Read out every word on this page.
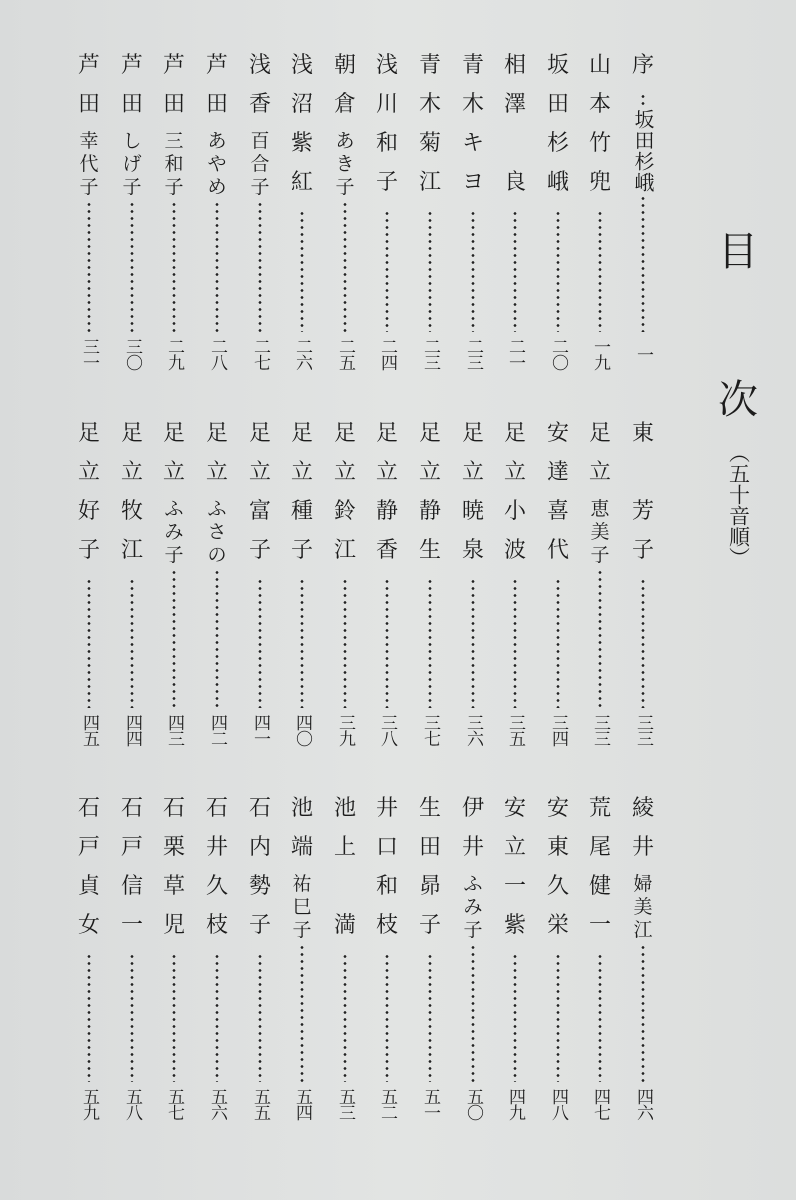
目
次
（五十音順）
序
坂田杉峨
一
山
本
竹
兜
一九
坂
田
杉
峨
二〇
相
澤
良
二一
青
木
キ
ヨ
二三
青
木
菊
江
二三
浅
川
和
子
二四
朝
倉
あ
き
子
二五
浅
沼
紫
紅
二六
浅
香
百
合
子
二七
芦
田
あ
や
め
二八
芦
田
三
和
子
二九
芦
田
し
げ
子
三〇
芦
田
幸
代
子
三一
東
芳
子
三三
足
立
恵
美
子
三三
安
達
喜
代
三四
足
立
小
波
三五
足
立
暁
泉
三六
足
立
静
生
三七
足
立
静
香
三八
足
立
鈴
江
三九
足
立
種
子
四〇
足
立
富
子
四一
足
立
ふ
さ
の
四二
足
立
ふ
み
子
四三
足
立
牧
江
四四
足
立
好
子
四五
綾
井
婦
美
江
四六
荒
尾
健
一
四七
安
東
久
栄
四八
安
立
一
紫
四九
伊
井
ふ
み
子
五〇
生
田
昴
子
五一
井
口
和
枝
五二
池
上
満
五三
池
端
祐
巳
子
五四
石
内
勢
子
五五
石
井
久
枝
五六
石
栗
草
児
五七
石
戸
信
一
五八
石
戸
貞
女
五九
